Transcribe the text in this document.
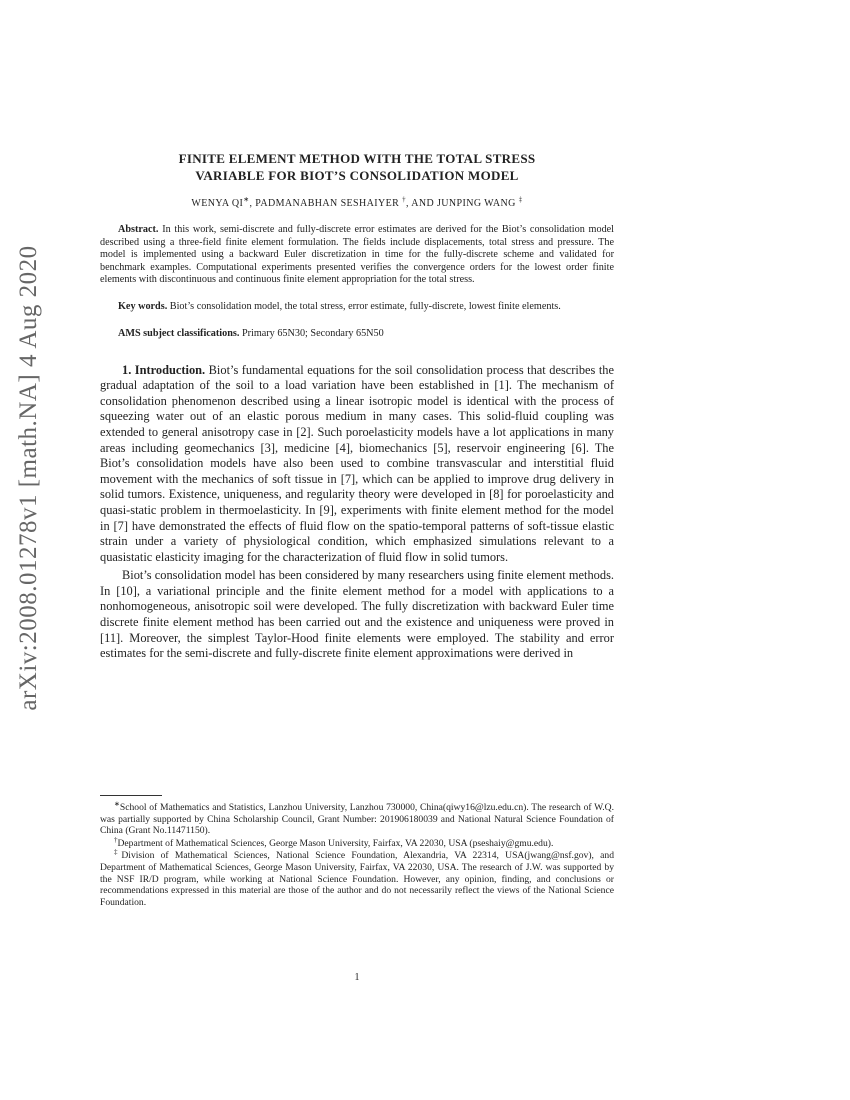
arXiv:2008.01278v1 [math.NA] 4 Aug 2020
FINITE ELEMENT METHOD WITH THE TOTAL STRESS
VARIABLE FOR BIOT’S CONSOLIDATION MODEL
WENYA QI∗, PADMANABHAN SESHAIYER †, AND JUNPING WANG ‡

Abstract. In this work, semi-discrete and fully-discrete error estimates are derived for the Biot’s consolidation model described using a three-field finite element formulation. The fields include displacements, total stress and pressure. The model is implemented using a backward Euler discretization in time for the fully-discrete scheme and validated for benchmark examples. Computational experiments presented verifies the convergence orders for the lowest order finite elements with discontinuous and continuous finite element appropriation for the total stress.

Key words. Biot’s consolidation model, the total stress, error estimate, fully-discrete, lowest finite elements.

AMS subject classifications. Primary 65N30; Secondary 65N50

1. Introduction. Biot’s fundamental equations for the soil consolidation process that describes the gradual adaptation of the soil to a load variation have been established in [1]. The mechanism of consolidation phenomenon described using a linear isotropic model is identical with the process of squeezing water out of an elastic porous medium in many cases. This solid-fluid coupling was extended to general anisotropy case in [2]. Such poroelasticity models have a lot applications in many areas including geomechanics [3], medicine [4], biomechanics [5], reservoir engineering [6]. The Biot’s consolidation models have also been used to combine transvascular and interstitial fluid movement with the mechanics of soft tissue in [7], which can be applied to improve drug delivery in solid tumors. Existence, uniqueness, and regularity theory were developed in [8] for poroelasticity and quasi-static problem in thermoelasticity. In [9], experiments with finite element method for the model in [7] have demonstrated the effects of fluid flow on the spatio-temporal patterns of soft-tissue elastic strain under a variety of physiological condition, which emphasized simulations relevant to a quasistatic elasticity imaging for the characterization of fluid flow in solid tumors.

Biot’s consolidation model has been considered by many researchers using finite element methods. In [10], a variational principle and the finite element method for a model with applications to a nonhomogeneous, anisotropic soil were developed. The fully discretization with backward Euler time discrete finite element method has been carried out and the existence and uniqueness were proved in [11]. Moreover, the simplest Taylor-Hood finite elements were employed. The stability and error estimates for the semi-discrete and fully-discrete finite element approximations were derived in

∗School of Mathematics and Statistics, Lanzhou University, Lanzhou 730000, China(qiwy16@lzu.edu.cn). The research of W.Q. was partially supported by China Scholarship Council, Grant Number: 201906180039 and National Natural Science Foundation of China (Grant No.11471150).

†Department of Mathematical Sciences, George Mason University, Fairfax, VA 22030, USA (pseshaiy@gmu.edu).

‡Division of Mathematical Sciences, National Science Foundation, Alexandria, VA 22314, USA(jwang@nsf.gov), and Department of Mathematical Sciences, George Mason University, Fairfax, VA 22030, USA. The research of J.W. was supported by the NSF IR/D program, while working at National Science Foundation. However, any opinion, finding, and conclusions or recommendations expressed in this material are those of the author and do not necessarily reflect the views of the National Science Foundation.

1
